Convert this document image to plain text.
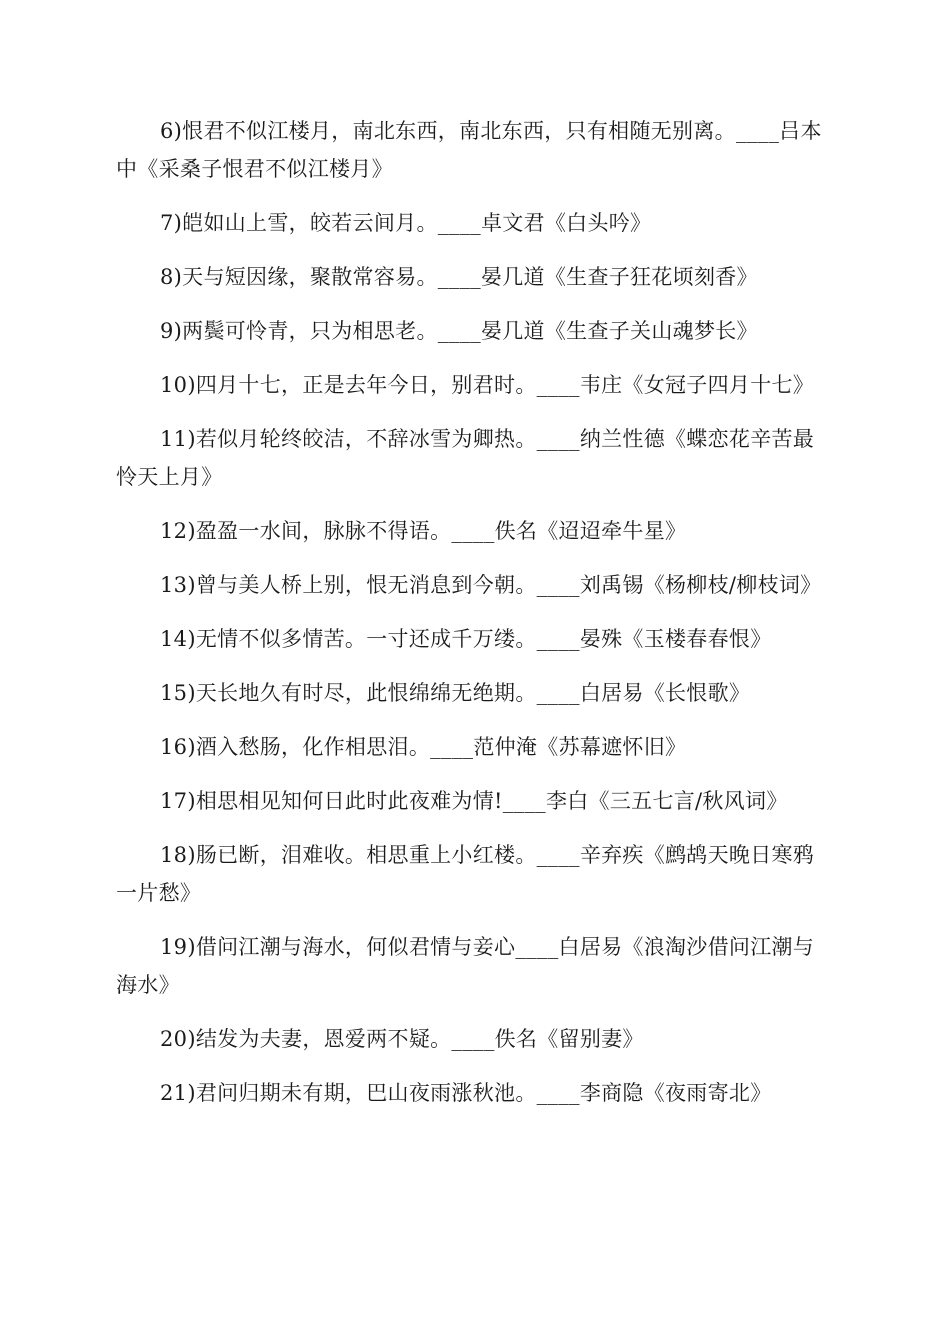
6)恨君不似江楼月，南北东西，南北东西，只有相随无别离。____吕本中《采桑子恨君不似江楼月》

7)皑如山上雪，皎若云间月。____卓文君《白头吟》

8)天与短因缘，聚散常容易。____晏几道《生查子狂花顷刻香》

9)两鬓可怜青，只为相思老。____晏几道《生查子关山魂梦长》

10)四月十七，正是去年今日，别君时。____韦庄《女冠子四月十七》

11)若似月轮终皎洁，不辞冰雪为卿热。____纳兰性德《蝶恋花辛苦最怜天上月》

12)盈盈一水间，脉脉不得语。____佚名《迢迢牵牛星》

13)曾与美人桥上别，恨无消息到今朝。____刘禹锡《杨柳枝/柳枝词》

14)无情不似多情苦。一寸还成千万缕。____晏殊《玉楼春春恨》

15)天长地久有时尽，此恨绵绵无绝期。____白居易《长恨歌》

16)酒入愁肠，化作相思泪。____范仲淹《苏幕遮怀旧》

17)相思相见知何日此时此夜难为情!____李白《三五七言/秋风词》

18)肠已断，泪难收。相思重上小红楼。____辛弃疾《鹧鸪天晚日寒鸦一片愁》

19)借问江潮与海水，何似君情与妾心____白居易《浪淘沙借问江潮与海水》

20)结发为夫妻，恩爱两不疑。____佚名《留别妻》

21)君问归期未有期，巴山夜雨涨秋池。____李商隐《夜雨寄北》
